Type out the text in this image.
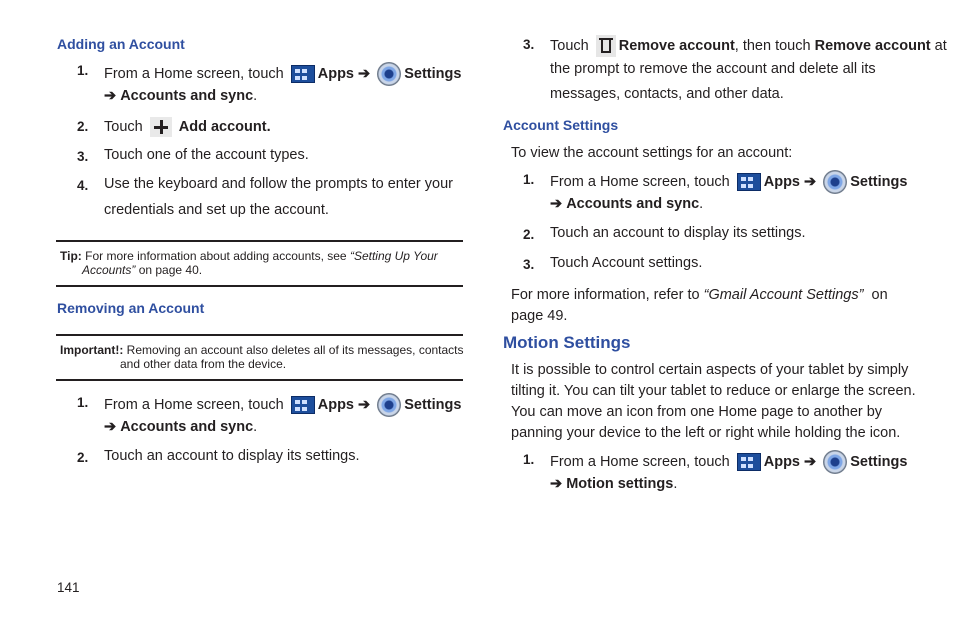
Adding an Account
1. From a Home screen, touch Apps ➔ Settings
➔ Accounts and sync.
2. Touch Add account.
3. Touch one of the account types.
4. Use the keyboard and follow the prompts to enter your
credentials and set up the account.
Tip: For more information about adding accounts, see “Setting Up Your
Accounts” on page 40.
Removing an Account
Important!: Removing an account also deletes all of its messages, contacts
and other data from the device.
1. From a Home screen, touch Apps ➔ Settings
➔ Accounts and sync.
2. Touch an account to display its settings.
3. Touch Remove account, then touch Remove account at
the prompt to remove the account and delete all its
messages, contacts, and other data.
Account Settings
To view the account settings for an account:
1. From a Home screen, touch Apps ➔ Settings
➔ Accounts and sync.
2. Touch an account to display its settings.
3. Touch Account settings.
For more information, refer to “Gmail Account Settings” on
page 49.
Motion Settings
It is possible to control certain aspects of your tablet by simply
tilting it. You can tilt your tablet to reduce or enlarge the screen.
You can move an icon from one Home page to another by
panning your device to the left or right while holding the icon.
1. From a Home screen, touch Apps ➔ Settings
➔ Motion settings.
141
